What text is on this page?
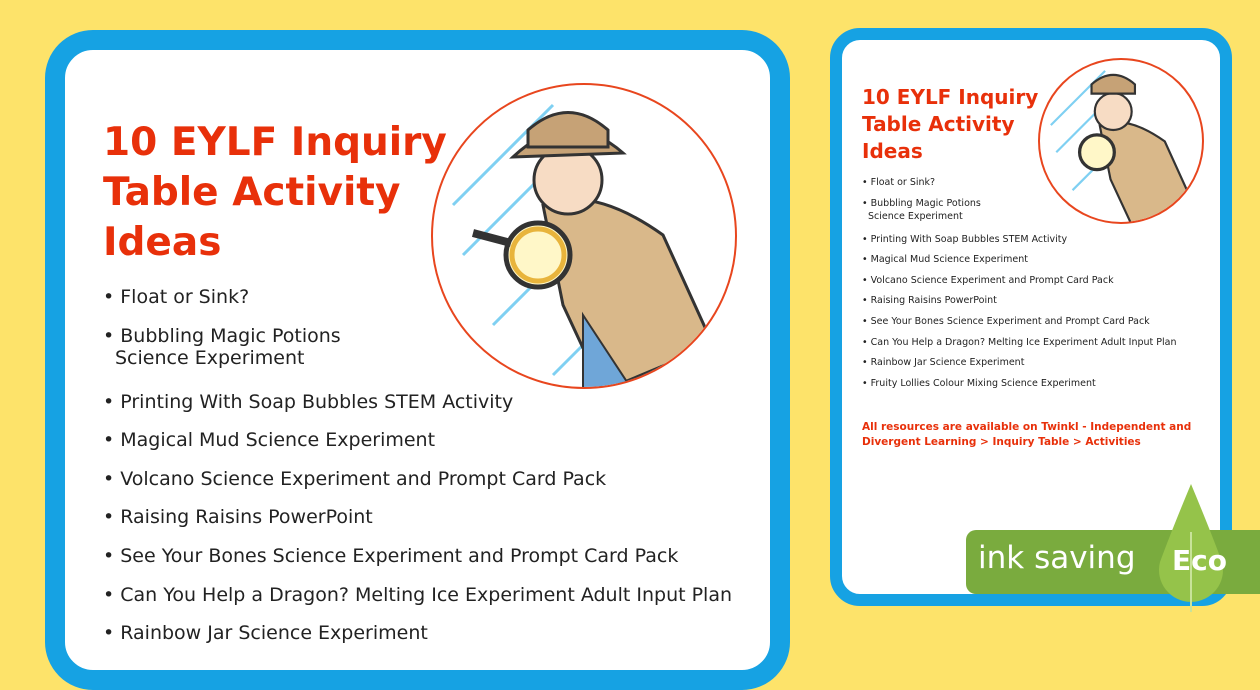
10 EYLF Inquiry
Table Activity
Ideas
• Float or Sink?
• Bubbling Magic Potions Science Experiment
• Printing With Soap Bubbles STEM Activity
• Magical Mud Science Experiment
• Volcano Science Experiment and Prompt Card Pack
• Raising Raisins PowerPoint
• See Your Bones Science Experiment and Prompt Card Pack
• Can You Help a Dragon? Melting Ice Experiment Adult Input Plan
• Rainbow Jar Science Experiment
10 EYLF Inquiry
Table Activity
Ideas
• Float or Sink?
• Bubbling Magic Potions Science Experiment
• Printing With Soap Bubbles STEM Activity
• Magical Mud Science Experiment
• Volcano Science Experiment and Prompt Card Pack
• Raising Raisins PowerPoint
• See Your Bones Science Experiment and Prompt Card Pack
• Can You Help a Dragon? Melting Ice Experiment Adult Input Plan
• Rainbow Jar Science Experiment
• Fruity Lollies Colour Mixing Science Experiment
All resources are available on Twinkl - Independent and Divergent Learning > Inquiry Table > Activities
ink saving Eco
